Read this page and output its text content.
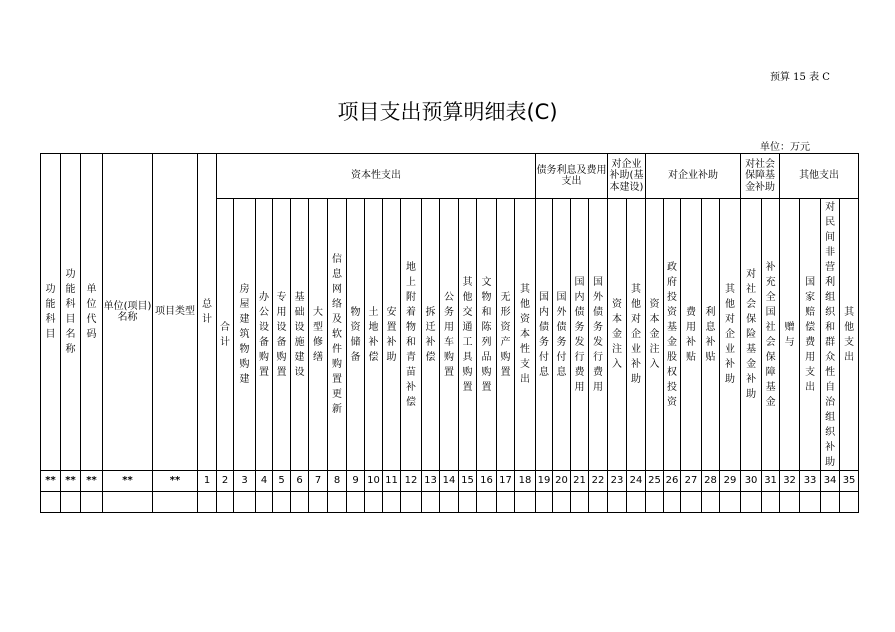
预算 15 表 C
项目支出预算明细表(C)
单位：万元
功能科目	功能科目名称	单位代码	单位(项目)名称	项目类型	总计	资本性支出																	债务利息及费用支出				对企业补助(基本建设)		对企业补助					对社会保障基金补助		其他支出			
						合计	房屋建筑物购建	办公设备购置	专用设备购置	基础设施建设	大型修缮	信息网络及软件购置更新	物资储备	土地补偿	安置补助	地上附着物和青苗补偿	拆迁补偿	公务用车购置	其他交通工具购置	文物和陈列品购置	无形资产购置	其他资本性支出	国内债务付息	国外债务付息	国内债务发行费用	国外债务发行费用	资本金注入	其他对企业补助	资本金注入	政府投资基金股权投资	费用补贴	利息补贴	其他对企业补助	对社会保险基金补助	补充全国社会保障基金	赠与	国家赔偿费用支出	对民间非营利组织和群众性自治组织补助	其他支出
**	**	**	**	**	1	2	3	4	5	6	7	8	9	10	11	12	13	14	15	16	17	18	19	20	21	22	23	24	25	26	27	28	29	30	31	32	33	34	35
